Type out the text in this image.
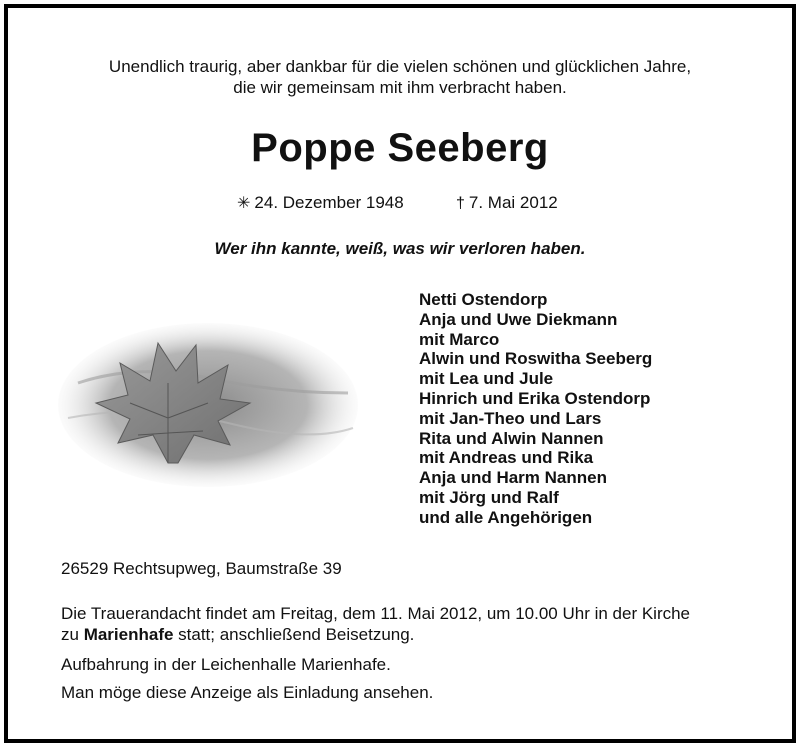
Unendlich traurig, aber dankbar für die vielen schönen und glücklichen Jahre,
die wir gemeinsam mit ihm verbracht haben.
Poppe Seeberg
✳ 24. Dezember 1948	† 7. Mai 2012
Wer ihn kannte, weiß, was wir verloren haben.
Netti Ostendorp
Anja und Uwe Diekmann
mit Marco
Alwin und Roswitha Seeberg
mit Lea und Jule
Hinrich und Erika Ostendorp
mit Jan-Theo und Lars
Rita und Alwin Nannen
mit Andreas und Rika
Anja und Harm Nannen
mit Jörg und Ralf
und alle Angehörigen
26529 Rechtsupweg, Baumstraße 39
Die Trauerandacht findet am Freitag, dem 11. Mai 2012, um 10.00 Uhr in der Kirche
zu Marienhafe statt; anschließend Beisetzung.
Aufbahrung in der Leichenhalle Marienhafe.
Man möge diese Anzeige als Einladung ansehen.
